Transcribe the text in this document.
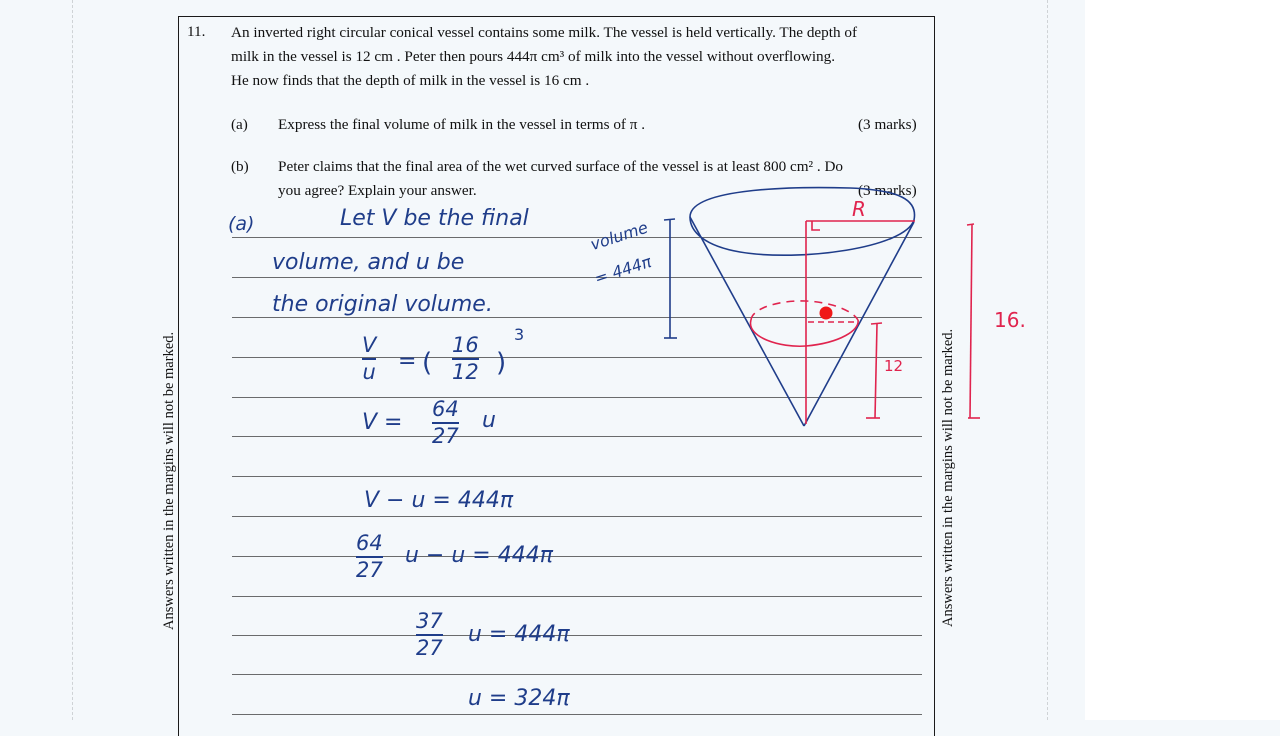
11. An inverted right circular conical vessel contains some milk. The vessel is held vertically. The depth of
milk in the vessel is 12 cm . Peter then pours 444π cm³ of milk into the vessel without overflowing.
He now finds that the depth of milk in the vessel is 16 cm .
(a) Express the final volume of milk in the vessel in terms of π .	(3 marks)
(b) Peter claims that the final area of the wet curved surface of the vessel is at least 800 cm² . Do
you agree? Explain your answer.	(3 marks)
Answers written in the margins will not be marked.	Answers written in the margins will not be marked.
(a)	Let V be the final
volume, and u be
the original volume.
V
u = (
16
12 )
3
V =
64
27
u
V − u = 444π
64
27
u − u = 444π
37
27
u = 444π
u = 324π
R
12
16.
volume
= 444π
